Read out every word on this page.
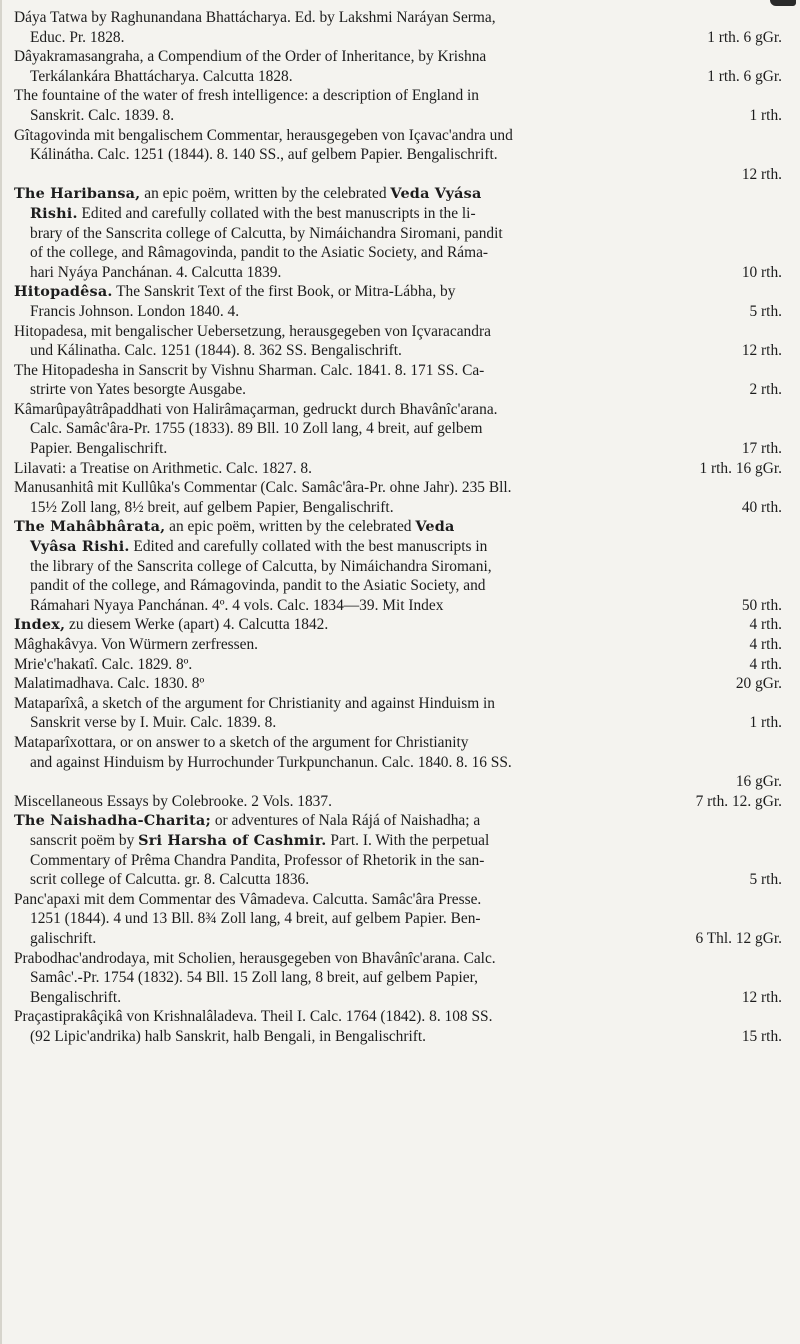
Dáya Tatwa by Raghunandana Bhattácharya. Ed. by Lakshmi Naráyan Serma,
Educ. Pr. 1828.	1 rth. 6 gGr.
Dâyakramasangraha, a Compendium of the Order of Inheritance, by Krishna
Terkálankára Bhattácharya. Calcutta 1828.	1 rth. 6 gGr.
The fountaine of the water of fresh intelligence: a description of England in
Sanskrit. Calc. 1839. 8.	1 rth.
Gîtagovinda mit bengalischem Commentar, herausgegeben von Içavac'andra und
Kálinátha. Calc. 1251 (1844). 8. 140 SS., auf gelbem Papier. Bengalischrift.
12 rth.
The Haribansa, an epic poëm, written by the celebrated Veda Vyása
Rishi. Edited and carefully collated with the best manuscripts in the li-
brary of the Sanscrita college of Calcutta, by Nimáichandra Siromani, pandit
of the college, and Râmagovinda, pandit to the Asiatic Society, and Ráma-
hari Nyáya Panchánan. 4. Calcutta 1839.	10 rth.
Hitopadêsa. The Sanskrit Text of the first Book, or Mitra-Lábha, by
Francis Johnson. London 1840. 4.	5 rth.
Hitopadesa, mit bengalischer Uebersetzung, herausgegeben von Içvaracandra
und Kálinatha. Calc. 1251 (1844). 8. 362 SS. Bengalischrift.	12 rth.
The Hitopadesha in Sanscrit by Vishnu Sharman. Calc. 1841. 8. 171 SS. Ca-
strirte von Yates besorgte Ausgabe.	2 rth.
Kâmarûpayâtrâpaddhati von Halirâmaçarman, gedruckt durch Bhavânîc'arana.
Calc. Samâc'âra-Pr. 1755 (1833). 89 Bll. 10 Zoll lang, 4 breit, auf gelbem
Papier. Bengalischrift.	17 rth.
Lilavati: a Treatise on Arithmetic. Calc. 1827. 8.	1 rth. 16 gGr.
Manusanhitâ mit Kullûka's Commentar (Calc. Samâc'âra-Pr. ohne Jahr). 235 Bll.
15½ Zoll lang, 8½ breit, auf gelbem Papier, Bengalischrift.	40 rth.
The Mahâbhârata, an epic poëm, written by the celebrated Veda
Vyâsa Rishi. Edited and carefully collated with the best manuscripts in
the library of the Sanscrita college of Calcutta, by Nimáichandra Siromani,
pandit of the college, and Rámagovinda, pandit to the Asiatic Society, and
Rámahari Nyaya Panchánan. 4º. 4 vols. Calc. 1834—39. Mit Index	50 rth.
Index, zu diesem Werke (apart) 4. Calcutta 1842.	4 rth.
Mâghakâvya. Von Würmern zerfressen.	4 rth.
Mrie'c'hakatî. Calc. 1829. 8º.	4 rth.
Malatimadhava. Calc. 1830. 8º	20 gGr.
Mataparîxâ, a sketch of the argument for Christianity and against Hinduism in
Sanskrit verse by I. Muir. Calc. 1839. 8.	1 rth.
Mataparîxottara, or on answer to a sketch of the argument for Christianity
and against Hinduism by Hurrochunder Turkpunchanun. Calc. 1840. 8. 16 SS.
16 gGr.
Miscellaneous Essays by Colebrooke. 2 Vols. 1837.	7 rth. 12. gGr.
The Naishadha-Charita; or adventures of Nala Rájá of Naishadha; a
sanscrit poëm by Sri Harsha of Cashmir. Part. I. With the perpetual
Commentary of Prêma Chandra Pandita, Professor of Rhetorik in the san-
scrit college of Calcutta. gr. 8. Calcutta 1836.	5 rth.
Panc'apaxi mit dem Commentar des Vâmadeva. Calcutta. Samâc'âra Presse.
1251 (1844). 4 und 13 Bll. 8¾ Zoll lang, 4 breit, auf gelbem Papier. Ben-
galischrift.	6 Thl. 12 gGr.
Prabodhac'androdaya, mit Scholien, herausgegeben von Bhavânîc'arana. Calc.
Samâc'.-Pr. 1754 (1832). 54 Bll. 15 Zoll lang, 8 breit, auf gelbem Papier,
Bengalischrift.	12 rth.
Praçastiprakâçikâ von Krishnalâladeva. Theil I. Calc. 1764 (1842). 8. 108 SS.
(92 Lipic'andrika) halb Sanskrit, halb Bengali, in Bengalischrift.	15 rth.
